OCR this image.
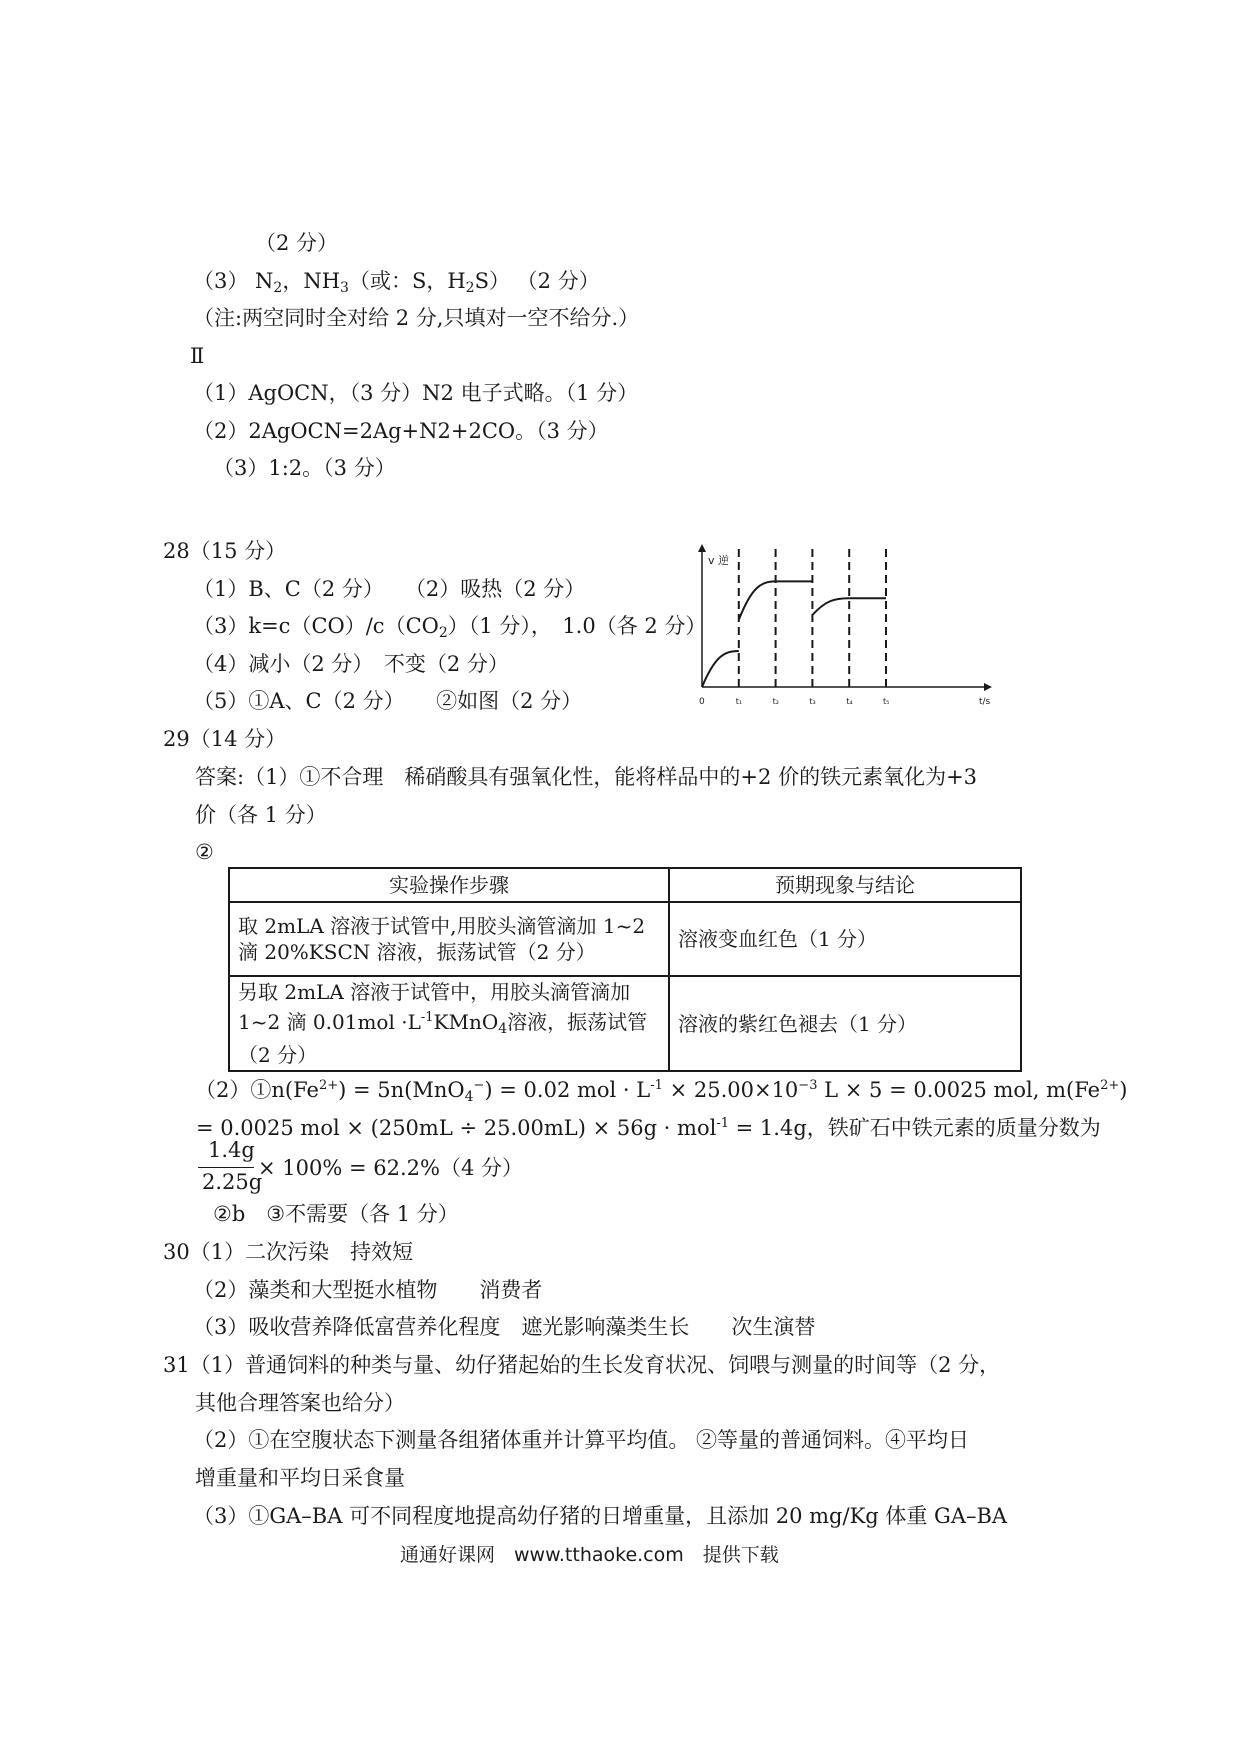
（2 分）
（3） $N_2$，$NH_3$（或：S，$H_2S$） （2 分）
（注:两空同时全对给 2 分,只填对一空不给分.）
Ⅱ
（1）AgOCN，（3 分）N2 电子式略。（1 分）
（2）2AgOCN=2Ag+N2+2CO。（3 分）
（3）1:2。（3 分）
28（15 分）
（1）B、C（2 分）　　（2）吸热（2 分）
$(3)k=c(CO)/c(CO_2)(1$ 分），　1.0（各 2 分）
（4）减小（2 分）　不变（2 分）
（5）①A、C（2 分）　　②如图（2 分）
v 逆
t/s
0	t₁	t₂	t₃	t₄	t₅
29（14 分）
答案:（1）①不合理　稀硝酸具有强氧化性，能将样品中的+2 价的铁元素氧化为+3
价（各 1 分）
②
实验操作步骤	预期现象与结论
取 2mLA 溶液于试管中,用胶头滴管滴加 1~2 滴 20%KSCN 溶液，振荡试管（2 分）	溶液变血红色（1 分）
另取 2mLA 溶液于试管中，用胶头滴管滴加 1~2 滴 $0.01mol \cdot L^{-1}KMnO_4$溶液，振荡试管（2 分）	溶液的紫红色褪去（1 分）
$(2)①n(Fe^{2+}) = 5n(MnO_4^-) = 0.02$ mol · $L^{-1} \times 25.00\times 10^{-3}$ L × 5 = 0.0025 mol, $m(Fe^{2+})$
= 0.0025 mol × (250mL ÷ 25.00mL) × 56g · mol$^{-1}$ = 1.4g，铁矿石中铁元素的质量分数为
1.4g
2.25g
× 100% = 62.2%（4 分）
②b　③不需要（各 1 分）
30（1）二次污染　持效短
（2）藻类和大型挺水植物　　消费者
（3）吸收营养降低富营养化程度　遮光影响藻类生长　　次生演替
31（1）普通饲料的种类与量、幼仔猪起始的生长发育状况、饲喂与测量的时间等（2 分，
其他合理答案也给分）
（2）①在空腹状态下测量各组猪体重并计算平均值。 ②等量的普通饲料。④平均日
增重量和平均日采食量
（3）①GA–BA 可不同程度地提高幼仔猪的日增重量，且添加 20 mg/Kg 体重 GA–BA
通通好课网　www.tthaoke.com　提供下载
